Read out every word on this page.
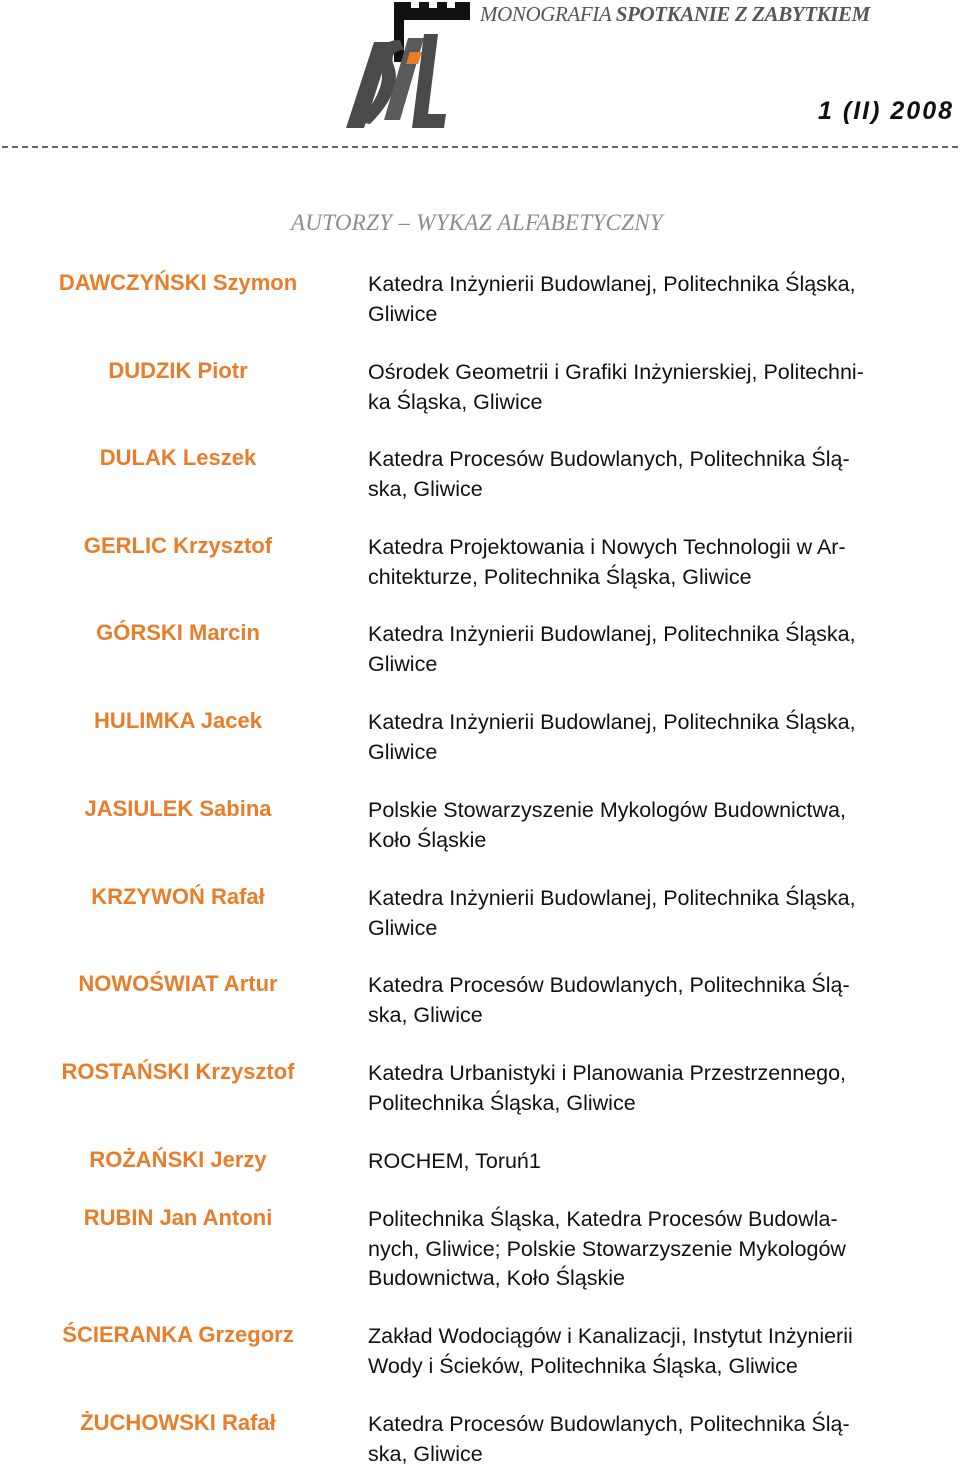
MONOGRAFIA SPOTKANIE Z ZABYTKIEM
1 (II) 2008
AUTORZY – WYKAZ ALFABETYCZNY
DAWCZYŃSKI Szymon	Katedra Inżynierii Budowlanej, Politechnika Śląska,
Gliwice
DUDZIK Piotr	Ośrodek Geometrii i Grafiki Inżynierskiej, Politechni-
ka Śląska, Gliwice
DULAK Leszek	Katedra Procesów Budowlanych, Politechnika Ślą-
ska, Gliwice
GERLIC Krzysztof	Katedra Projektowania i Nowych Technologii w Ar-
chitekturze, Politechnika Śląska, Gliwice
GÓRSKI Marcin	Katedra Inżynierii Budowlanej, Politechnika Śląska,
Gliwice
HULIMKA Jacek	Katedra Inżynierii Budowlanej, Politechnika Śląska,
Gliwice
JASIULEK Sabina	Polskie Stowarzyszenie Mykologów Budownictwa,
Koło Śląskie
KRZYWOŃ Rafał	Katedra Inżynierii Budowlanej, Politechnika Śląska,
Gliwice
NOWOŚWIAT Artur	Katedra Procesów Budowlanych, Politechnika Ślą-
ska, Gliwice
ROSTAŃSKI Krzysztof	Katedra Urbanistyki i Planowania Przestrzennego,
Politechnika Śląska, Gliwice
ROŻAŃSKI Jerzy	ROCHEM, Toruń1
RUBIN Jan Antoni	Politechnika Śląska, Katedra Procesów Budowla-
nych, Gliwice; Polskie Stowarzyszenie Mykologów
Budownictwa, Koło Śląskie
ŚCIERANKA Grzegorz	Zakład Wodociągów i Kanalizacji, Instytut Inżynierii
Wody i Ścieków, Politechnika Śląska, Gliwice
ŻUCHOWSKI Rafał	Katedra Procesów Budowlanych, Politechnika Ślą-
ska, Gliwice
